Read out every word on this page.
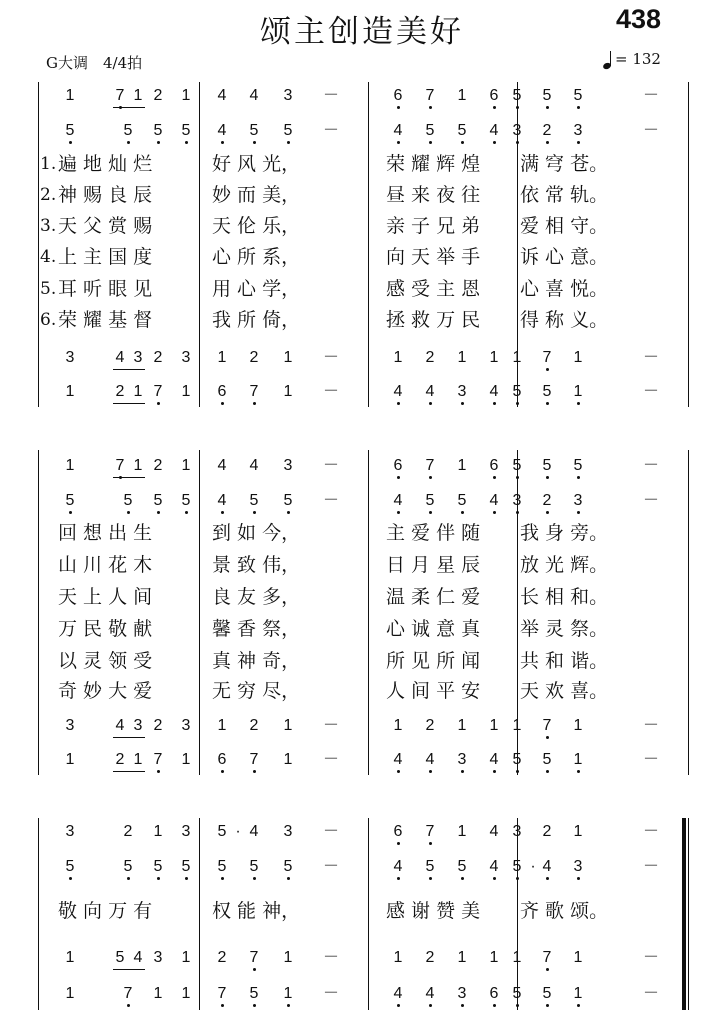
颂主创造美好	438
G大调　4/4拍	= 132
1	7 1 2 1 4 4 3 －	6 7 1 6 5 5 5	－
5	5 5 5 4 5 5 －	4 5 5 4 3 2 3	－
1. 遍 地 灿 烂	好 风 光，	荣 耀 辉 煌 满 穹 苍。
2. 神 赐 良 辰	妙 而 美，	昼 来 夜 往 依 常 轨。
3. 天 父 赏 赐	天 伦 乐，	亲 子 兄 弟 爱 相 守。
4. 上 主 国 度	心 所 系，	向 天 举 手 诉 心 意。
5. 耳 听 眼 见	用 心 学，	感 受 主 恩 心 喜 悦。
6. 荣 耀 基 督	我 所 倚，	拯 救 万 民 得 称 义。
3	4 3 2 3 1 2 1 －	1 2 1 1 1 7 1	－
1	2 1 7 1 6 7 1 －	4 4 3 4 5 5 1	－
1	7 1 2 1 4 4 3 －	6 7 1 6 5 5 5	－
5	5 5 5 4 5 5 －	4 5 5 4 3 2 3	－
回 想 出 生	到 如 今，	主 爱 伴 随 我 身 旁。
山 川 花 木	景 致 伟，	日 月 星 辰 放 光 辉。
天 上 人 间	良 友 多，	温 柔 仁 爱 长 相 和。
万 民 敬 献	馨 香 祭，	心 诚 意 真 举 灵 祭。
以 灵 领 受	真 神 奇，	所 见 所 闻 共 和 谐。
奇 妙 大 爱	无 穷 尽，	人 间 平 安 天 欢 喜。
3	4 3 2 3 1 2 1 －	1 2 1 1 1 7 1	－
1	2 1 7 1 6 7 1 －	4 4 3 4 5 5 1	－
3	2 1 3 5 · 4 3 －	6 7 1 4 3 2 1	－
5	5 5 5 5 5 5 －	4 5 5 4 5 · 4 3	－
敬 向 万 有	权 能 神，	感 谢 赞 美 齐 歌 颂。
1	5 4 3 1 2 7 1 －	1 2 1 1 1 7 1	－
1	7 1 1 7 5 1 －	4 4 3 6 5 5 1	－
